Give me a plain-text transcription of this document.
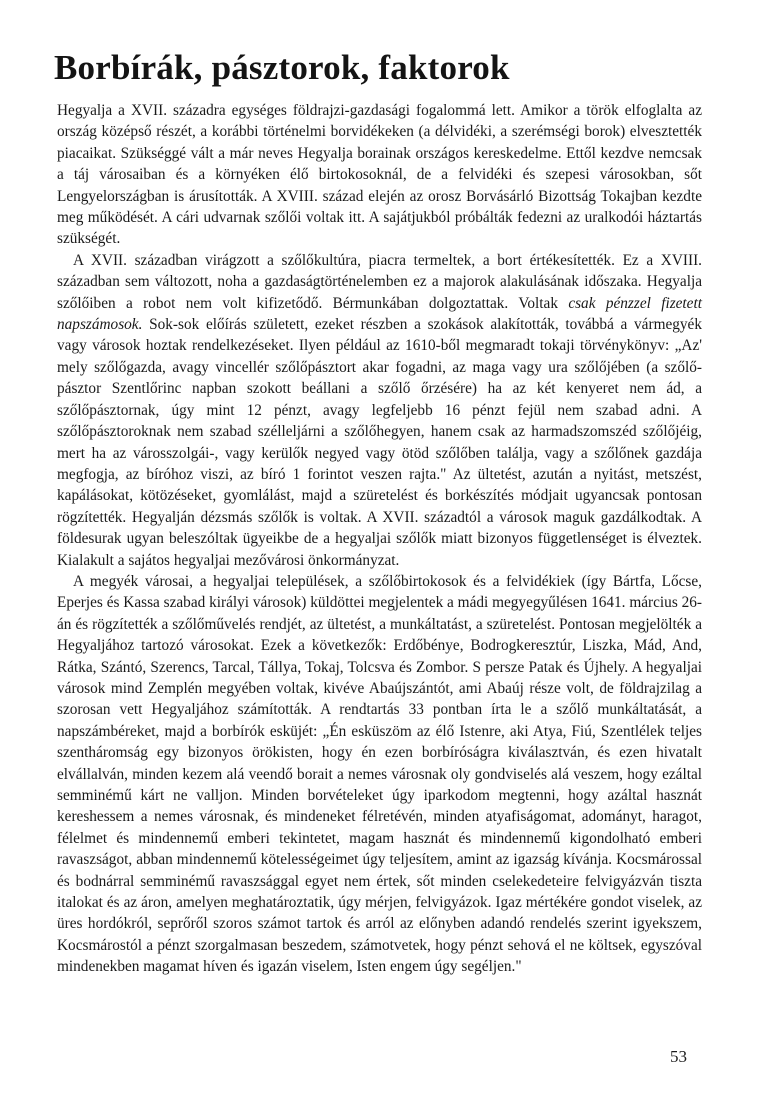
Borbírák, pásztorok, faktorok

Hegyalja a XVII. századra egységes földrajzi-gazdasági fogalommá lett. Amikor a török elfoglalta az ország középső részét, a korábbi történelmi borvidékeken (a délvidéki, a szerémségi borok) elvesztették piacaikat. Szükséggé vált a már neves Hegyalja borainak országos kereskedelme. Ettől kezdve nemcsak a táj városaiban és a környéken élő birtokosoknál, de a felvidéki és szepesi városokban, sőt Lengyelországban is árusították. A XVIII. század elején az orosz Borvásárló Bizottság Tokajban kezdte meg működését. A cári udvarnak szőlői voltak itt. A sajátjukból próbálták fedezni az uralkodói háztartás szükségét.

A XVII. században virágzott a szőlőkultúra, piacra termeltek, a bort értékesítették. Ez a XVIII. században sem változott, noha a gazdaságtörténelemben ez a majorok alakulásának időszaka. Hegyalja szőlőiben a robot nem volt kifizetődő. Bérmunkában dolgoztattak. Voltak csak pénzzel fizetett napszámosok. Sok-sok előírás született, ezeket részben a szokások alakították, továbbá a vármegyék vagy városok hoztak rendelkezéseket. Ilyen például az 1610-ből megmaradt tokaji törvénykönyv: „Az' mely szőlőgazda, avagy vincellér szőlőpásztort akar fogadni, az maga vagy ura szőlőjében (a szőlőpásztor Szentlőrinc napban szokott beállani a szőlő őrzésére) ha az két kenyeret nem ád, a szőlőpásztornak, úgy mint 12 pénzt, avagy legfeljebb 16 pénzt fejül nem szabad adni. A szőlőpásztoroknak nem szabad szélleljárni a szőlőhegyen, hanem csak az harmadszomszéd szőlőjéig, mert ha az városszolgái-, vagy kerülők negyed vagy ötöd szőlőben találja, vagy a szőlőnek gazdája megfogja, az bíróhoz viszi, az bíró 1 forintot veszen rajta." Az ültetést, azután a nyitást, metszést, kapálásokat, kötözéseket, gyomlálást, majd a szüretelést és borkészítés módjait ugyancsak pontosan rögzítették. Hegyalján dézsmás szőlők is voltak. A XVII. századtól a városok maguk gazdálkodtak. A földesurak ugyan beleszóltak ügyeikbe de a hegyaljai szőlők miatt bizonyos függetlenséget is élveztek. Kialakult a sajátos hegyaljai mezővárosi önkormányzat.

A megyék városai, a hegyaljai települések, a szőlőbirtokosok és a felvidékiek (így Bártfa, Lőcse, Eperjes és Kassa szabad királyi városok) küldöttei megjelentek a mádi megyegyűlésen 1641. március 26-án és rögzítették a szőlőművelés rendjét, az ültetést, a munkáltatást, a szüretelést. Pontosan megjelölték a Hegyaljához tartozó városokat. Ezek a következők: Erdőbénye, Bodrogkeresztúr, Liszka, Mád, And, Rátka, Szántó, Szerencs, Tarcal, Tállya, Tokaj, Tolcsva és Zombor. S persze Patak és Újhely. A hegyaljai városok mind Zemplén megyében voltak, kivéve Abaújszántót, ami Abaúj része volt, de földrajzilag a szorosan vett Hegyaljához számították. A rendtartás 33 pontban írta le a szőlő munkáltatását, a napszámbéreket, majd a borbírók esküjét: „Én esküszöm az élő Istenre, aki Atya, Fiú, Szentlélek teljes szentháromság egy bizonyos örökisten, hogy én ezen borbíróságra kiválasztván, és ezen hivatalt elvállalván, minden kezem alá veendő borait a nemes városnak oly gondviselés alá veszem, hogy ezáltal semminémű kárt ne valljon. Minden borvételeket úgy iparkodom megtenni, hogy azáltal hasznát kereshessem a nemes városnak, és mindeneket félretévén, minden atyafiságomat, adományt, haragot, félelmet és mindennemű emberi tekintetet, magam hasznát és mindennemű kigondolható emberi ravaszságot, abban mindennemű kötelességeimet úgy teljesítem, amint az igazság kívánja. Kocsmárossal és bodnárral semminémű ravaszsággal egyet nem értek, sőt minden cselekedeteire felvigyázván tiszta italokat és az áron, amelyen meghatároztatik, úgy mérjen, felvigyázok. Igaz mértékére gondot viselek, az üres hordókról, seprőről szoros számot tartok és arról az előnyben adandó rendelés szerint igyekszem, Kocsmárostól a pénzt szorgalmasan beszedem, számotvetek, hogy pénzt sehová el ne költsek, egyszóval mindenekben magamat híven és igazán viselem, Isten engem úgy segéljen."

53
